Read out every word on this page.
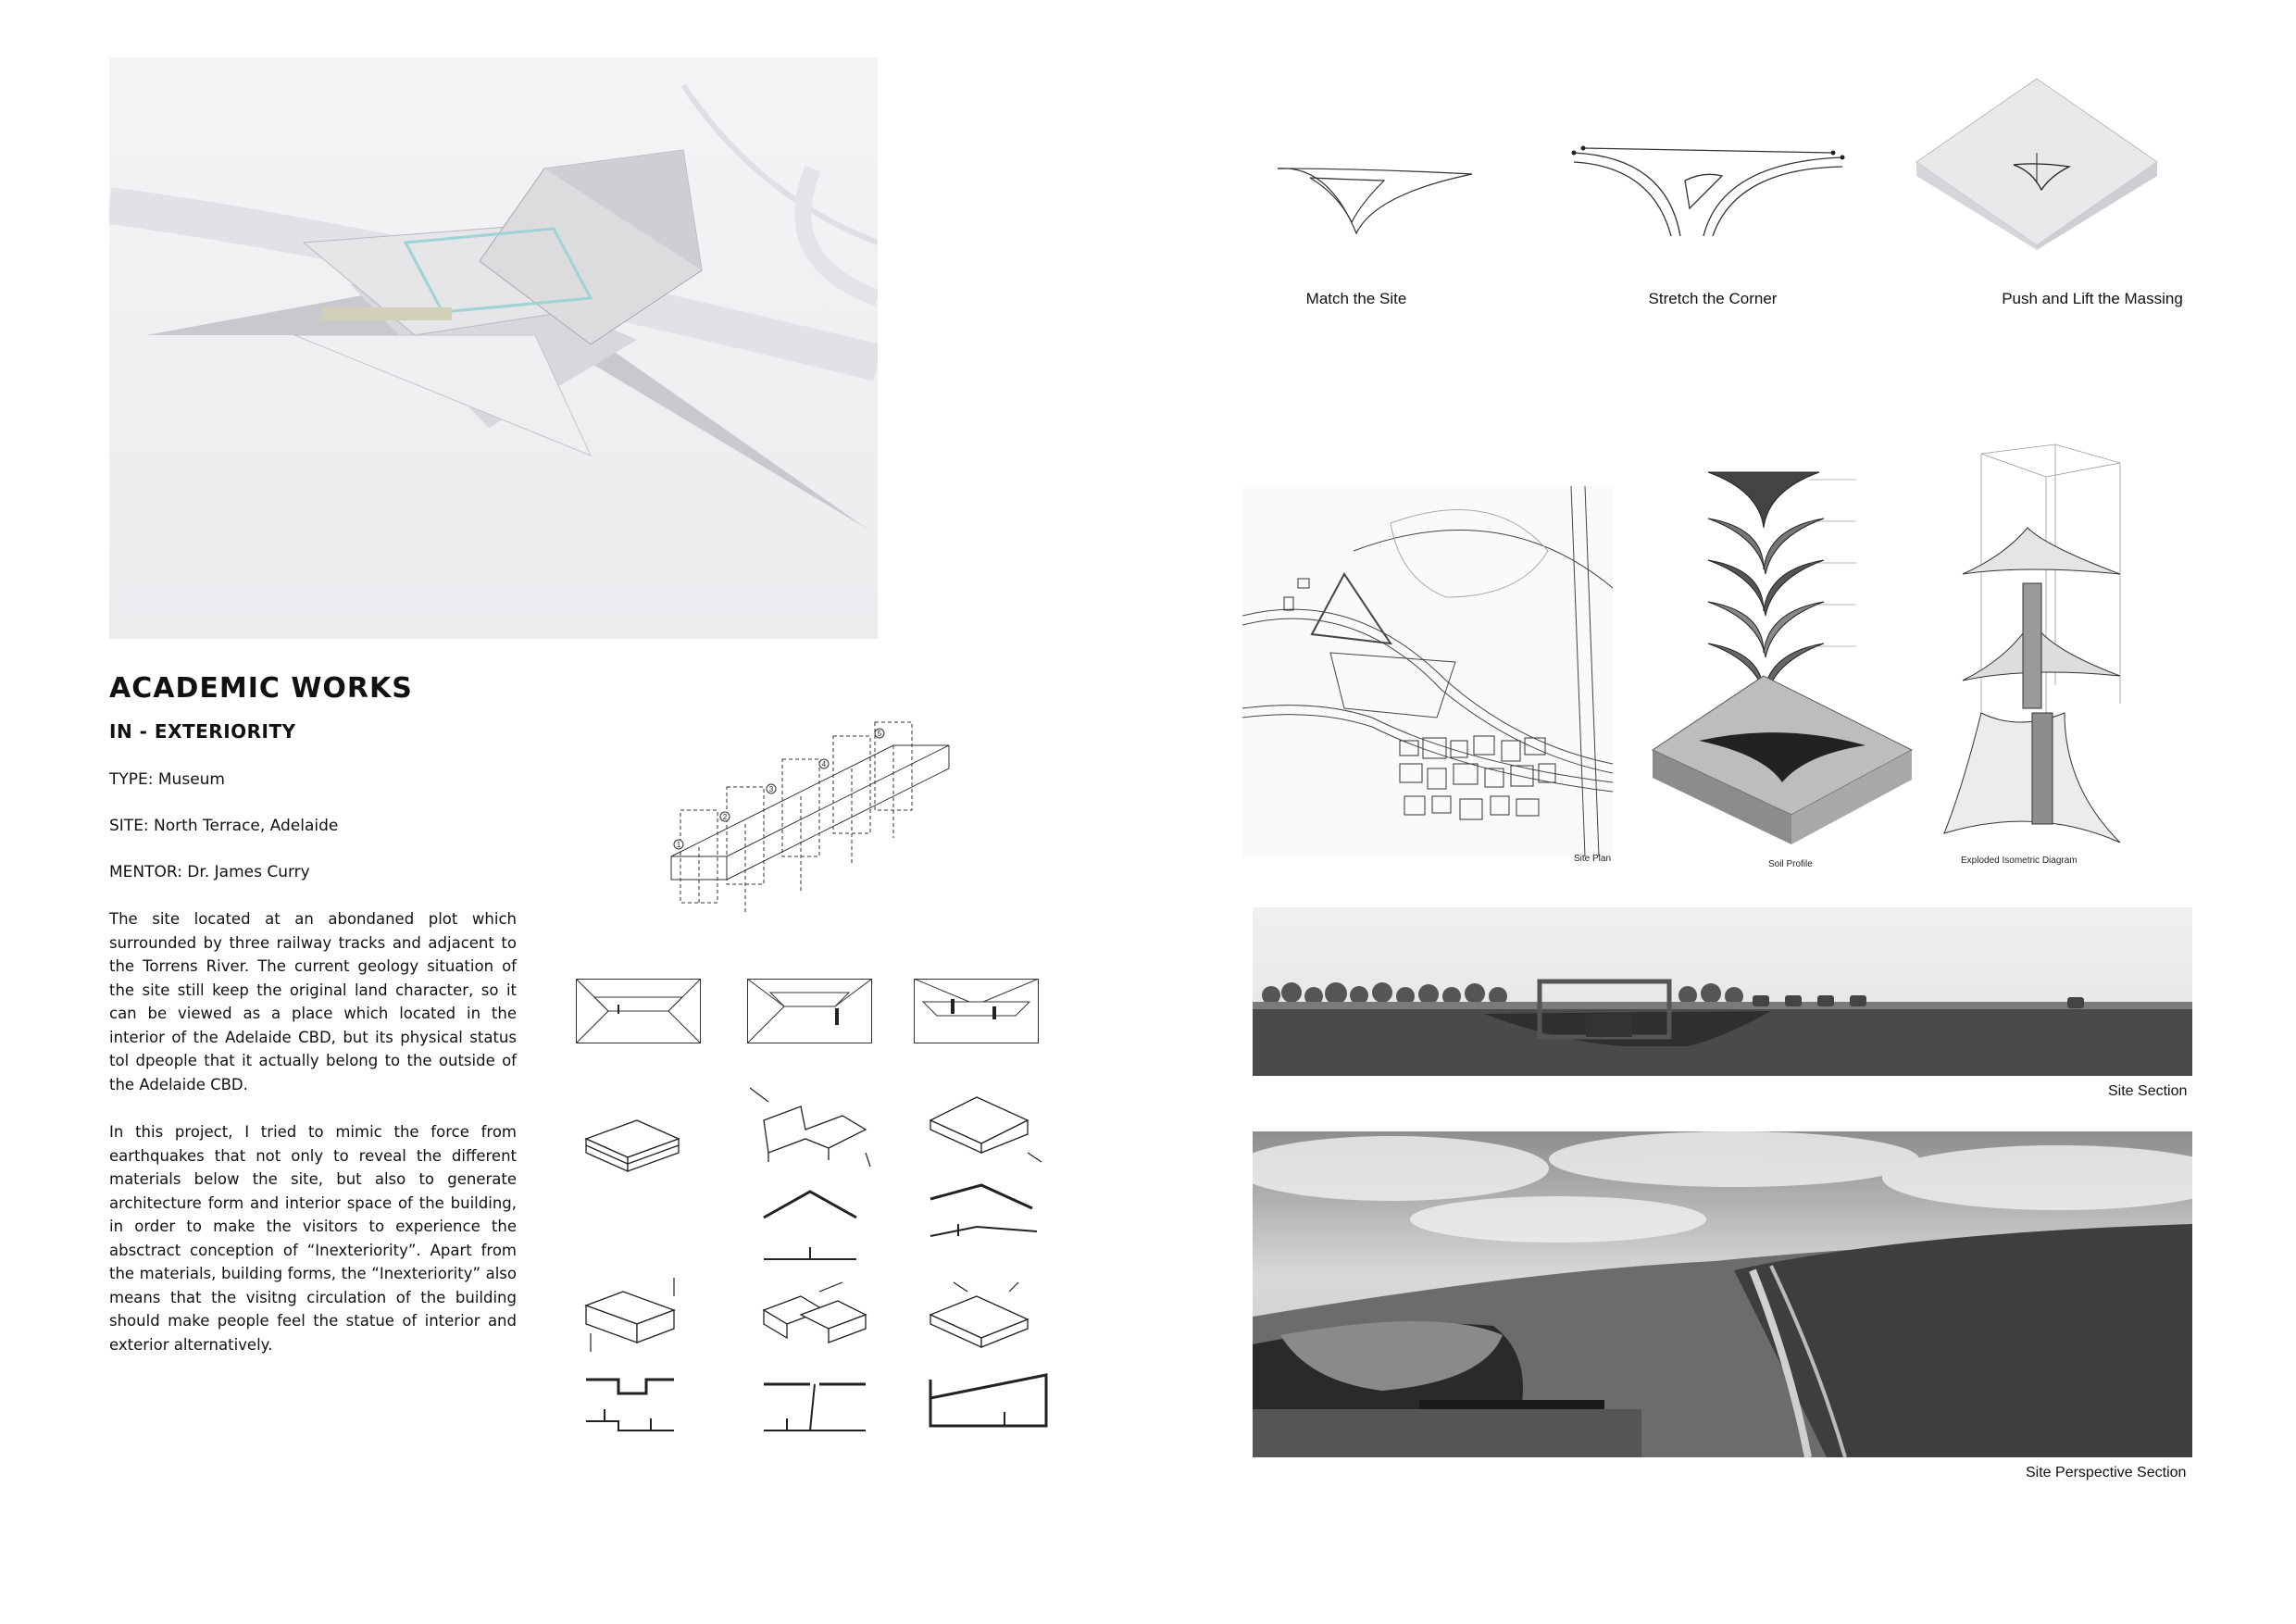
ACADEMIC WORKS
IN - EXTERIORITY
TYPE: Museum
SITE: North Terrace, Adelaide
MENTOR: Dr. James Curry
The site located at an abondaned plot which surrounded by three railway tracks and adjacent to the Torrens River. The current geology situation of the site still keep the original land character, so it can be viewed as a place which located in the interior of the Adelaide CBD, but its physical status tol dpeople that it actually belong to the outside of the Adelaide CBD.
In this project, I tried to mimic the force from earthquakes that not only to reveal the different materials below the site, but also to generate architecture form and interior space of the building, in order to make the visitors to experience the absctract conception of “Inexteriority”. Apart from the materials, building forms, the “Inexteriority” also means that the visitng circulation of the building should make people feel the statue of interior and exterior alternatively.
1
2
3
4
5
Match the Site	Stretch the Corner	Push and Lift the Massing
Site Plan
Soil Profile	Exploded Isometric Diagram
Site Section
Site Perspective Section
